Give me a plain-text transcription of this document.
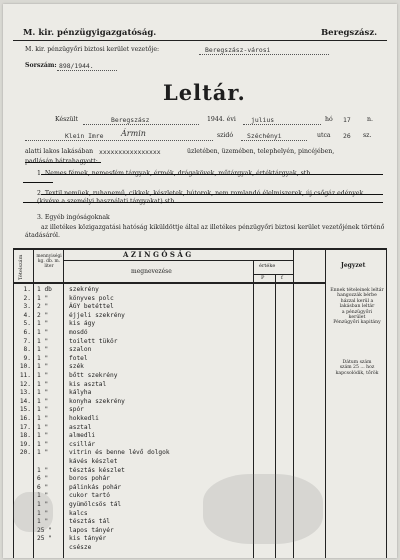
M. kir. pénzügyigazgatóság.	Beregszász.
M. kir. pénzügyőri biztosi kerület vezetője:	Beregszász-városi
Sorszám: 898/1944.
Leltár.
Készült	Beregszász	1944. évi julius	hó 17	n.
Klein Imre Ármin	szidó Széchényi	utca 26 sz.
alatti lakos lakásában xxxxxxxxxxxxxxxx	üzletében, üzemében, telephelyén, pincéjében,
padlásán hátrahagyott:
1. Nemes fémek, nemesfém tárgyak, érmék, drágakövek, műtárgyak, értéktárgyak, stb.
2. Textil nemüek, ruhanemű, cikkek, készletek, bútorok, nem romlandó élelmiszerek, új csőgáz edények (kivéve a személyi használati tárgyakat) stb.
3. Egyéb ingóságoknak
az illetékes közigazgatási hatóság kiküldöttje által az illetékes pénzügyőri biztosi kerület vezetőjének történő átadásáról.
Tételszám	mennyiségi kg. db. m. liter
A Z I N G Ó S Á G
megnevezése
értéke
P	f
Jegyzet
Ennek tételeinek leltár
hangozzák bérbe
házzal kerül a
lakásban leltár
a pénzügyőri
kerület
Pénzügyőri kapitány
Dátum szám
szám 25 ... hoz
kapcsolódik, tőrök
1. 1 db	szekrény
2. 1 "	könyves polc
3. 2 "	ÁGY betéttel
4. 2 "	éjjeli szekrény
5. 1 "	kis ágy
6. 1 "	mosdó
7. 1 "	toilett tükör
8. 1 "	szalon
9. 1 "	fotel
10. 1 "	szék
11. 1 "	bőtt szekrény
12. 1 "	kis asztal
13. 1 "	kályha
14. 1 "	konyha szekrény
15. 1 "	spór
16. 1 "	hokkedli
17. 1 "	asztal
18. 1 "	almedli
19. 1 "	csillár
20. 1 "	vitrin és benne lévő dolgok
kávés készlet
1 "	tésztás készlet
6 "	boros pohár
6 "	pálinkás pohár
1 "	cukor tartó
1 "	gyümölcsös tál
1 "	kalcs
1 "	tésztás tál
25 "	lapos tányér
25 "	kis tányér
csésze
